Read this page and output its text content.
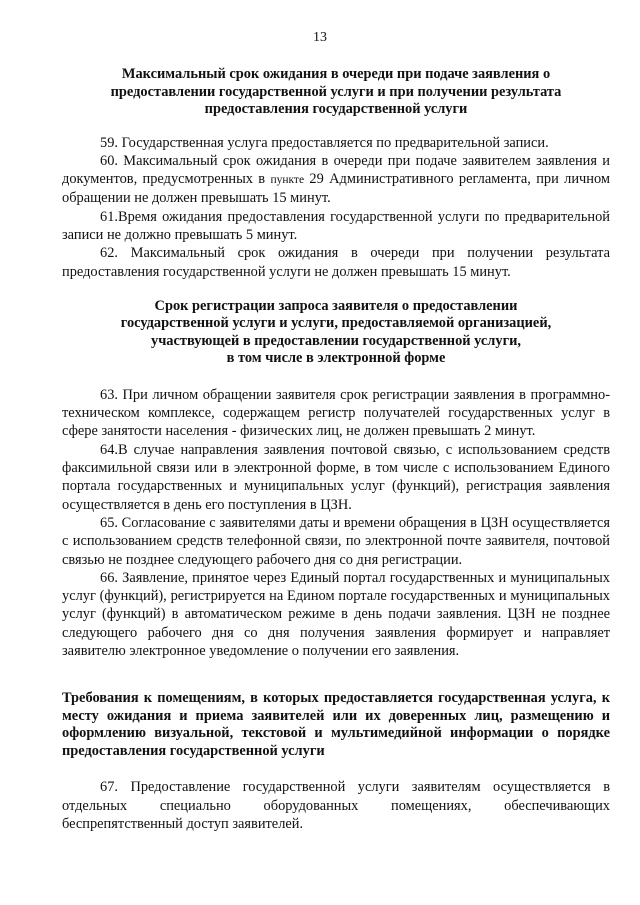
13
Максимальный срок ожидания в очереди при подаче заявления о
предоставлении государственной услуги и при получении результата
предоставления государственной услуги

59. Государственная услуга предоставляется по предварительной записи.

60. Максимальный срок ожидания в очереди при подаче заявителем заявления и документов, предусмотренных в пункте 29 Административного регламента, при личном обращении не должен превышать 15 минут.

61.Время ожидания предоставления государственной услуги по предварительной записи не должно превышать 5 минут.

62. Максимальный срок ожидания в очереди при получении результата предоставления государственной услуги не должен превышать 15 минут.

Срок регистрации запроса заявителя о предоставлении
государственной услуги и услуги, предоставляемой организацией,
участвующей в предоставлении государственной услуги,
в том числе в электронной форме

63. При личном обращении заявителя срок регистрации заявления в программно-техническом комплексе, содержащем регистр получателей государственных услуг в сфере занятости населения - физических лиц, не должен превышать 2 минут.

64.В случае направления заявления почтовой связью, с использованием средств факсимильной связи или в электронной форме, в том числе с использованием Единого портала государственных и муниципальных услуг (функций), регистрация заявления осуществляется в день его поступления в ЦЗН.

65. Согласование с заявителями даты и времени обращения в ЦЗН осуществляется с использованием средств телефонной связи, по электронной почте заявителя, почтовой связью не позднее следующего рабочего дня со дня регистрации.

66. Заявление, принятое через Единый портал государственных и муниципальных услуг (функций), регистрируется на Едином портале государственных и муниципальных услуг (функций) в автоматическом режиме в день подачи заявления. ЦЗН не позднее следующего рабочего дня со дня получения заявления формирует и направляет заявителю электронное уведомление о получении его заявления.

Требования к помещениям, в которых предоставляется государственная услуга, к месту ожидания и приема заявителей или их доверенных лиц, размещению и оформлению визуальной, текстовой и мультимедийной информации о порядке предоставления государственной услуги

67. Предоставление государственной услуги заявителям осуществляется в отдельных специально оборудованных помещениях, обеспечивающих беспрепятственный доступ заявителей.
